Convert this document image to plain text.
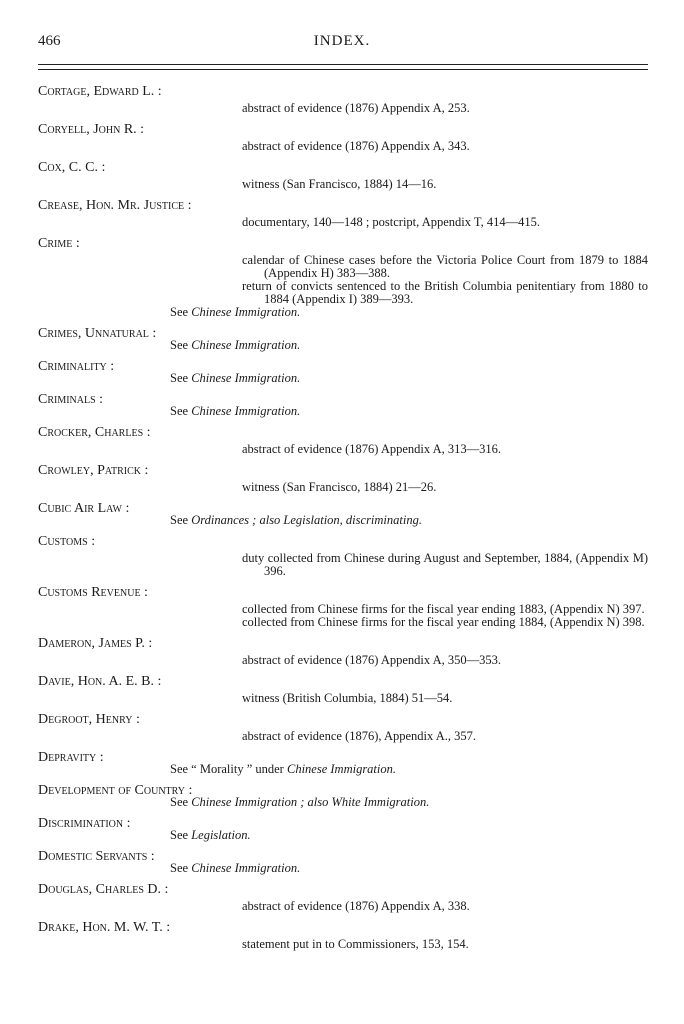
466	INDEX.
Cortage, Edward L. :
abstract of evidence (1876) Appendix A, 253.
Coryell, John R. :
abstract of evidence (1876) Appendix A, 343.
Cox, C. C. :
witness (San Francisco, 1884) 14—16.
Crease, Hon. Mr. Justice :
documentary, 140—148 ; postcript, Appendix T, 414—415.
Crime :
calendar of Chinese cases before the Victoria Police Court from 1879 to 1884 (Appendix H) 383—388.
return of convicts sentenced to the British Columbia penitentiary from 1880 to 1884 (Appendix I) 389—393.
See Chinese Immigration.
Crimes, Unnatural :
See Chinese Immigration.
Criminality :
See Chinese Immigration.
Criminals :
See Chinese Immigration.
Crocker, Charles :
abstract of evidence (1876) Appendix A, 313—316.
Crowley, Patrick :
witness (San Francisco, 1884) 21—26.
Cubic Air Law :
See Ordinances ; also Legislation, discriminating.
Customs :
duty collected from Chinese during August and September, 1884, (Appendix M) 396.
Customs Revenue :
collected from Chinese firms for the fiscal year ending 1883, (Appendix N) 397.
collected from Chinese firms for the fiscal year ending 1884, (Appendix N) 398.
Dameron, James P. :
abstract of evidence (1876) Appendix A, 350—353.
Davie, Hon. A. E. B. :
witness (British Columbia, 1884) 51—54.
Degroot, Henry :
abstract of evidence (1876), Appendix A., 357.
Depravity :
See “ Morality ” under Chinese Immigration.
Development of Country :
See Chinese Immigration ; also White Immigration.
Discrimination :
See Legislation.
Domestic Servants :
See Chinese Immigration.
Douglas, Charles D. :
abstract of evidence (1876) Appendix A, 338.
Drake, Hon. M. W. T. :
statement put in to Commissioners, 153, 154.
